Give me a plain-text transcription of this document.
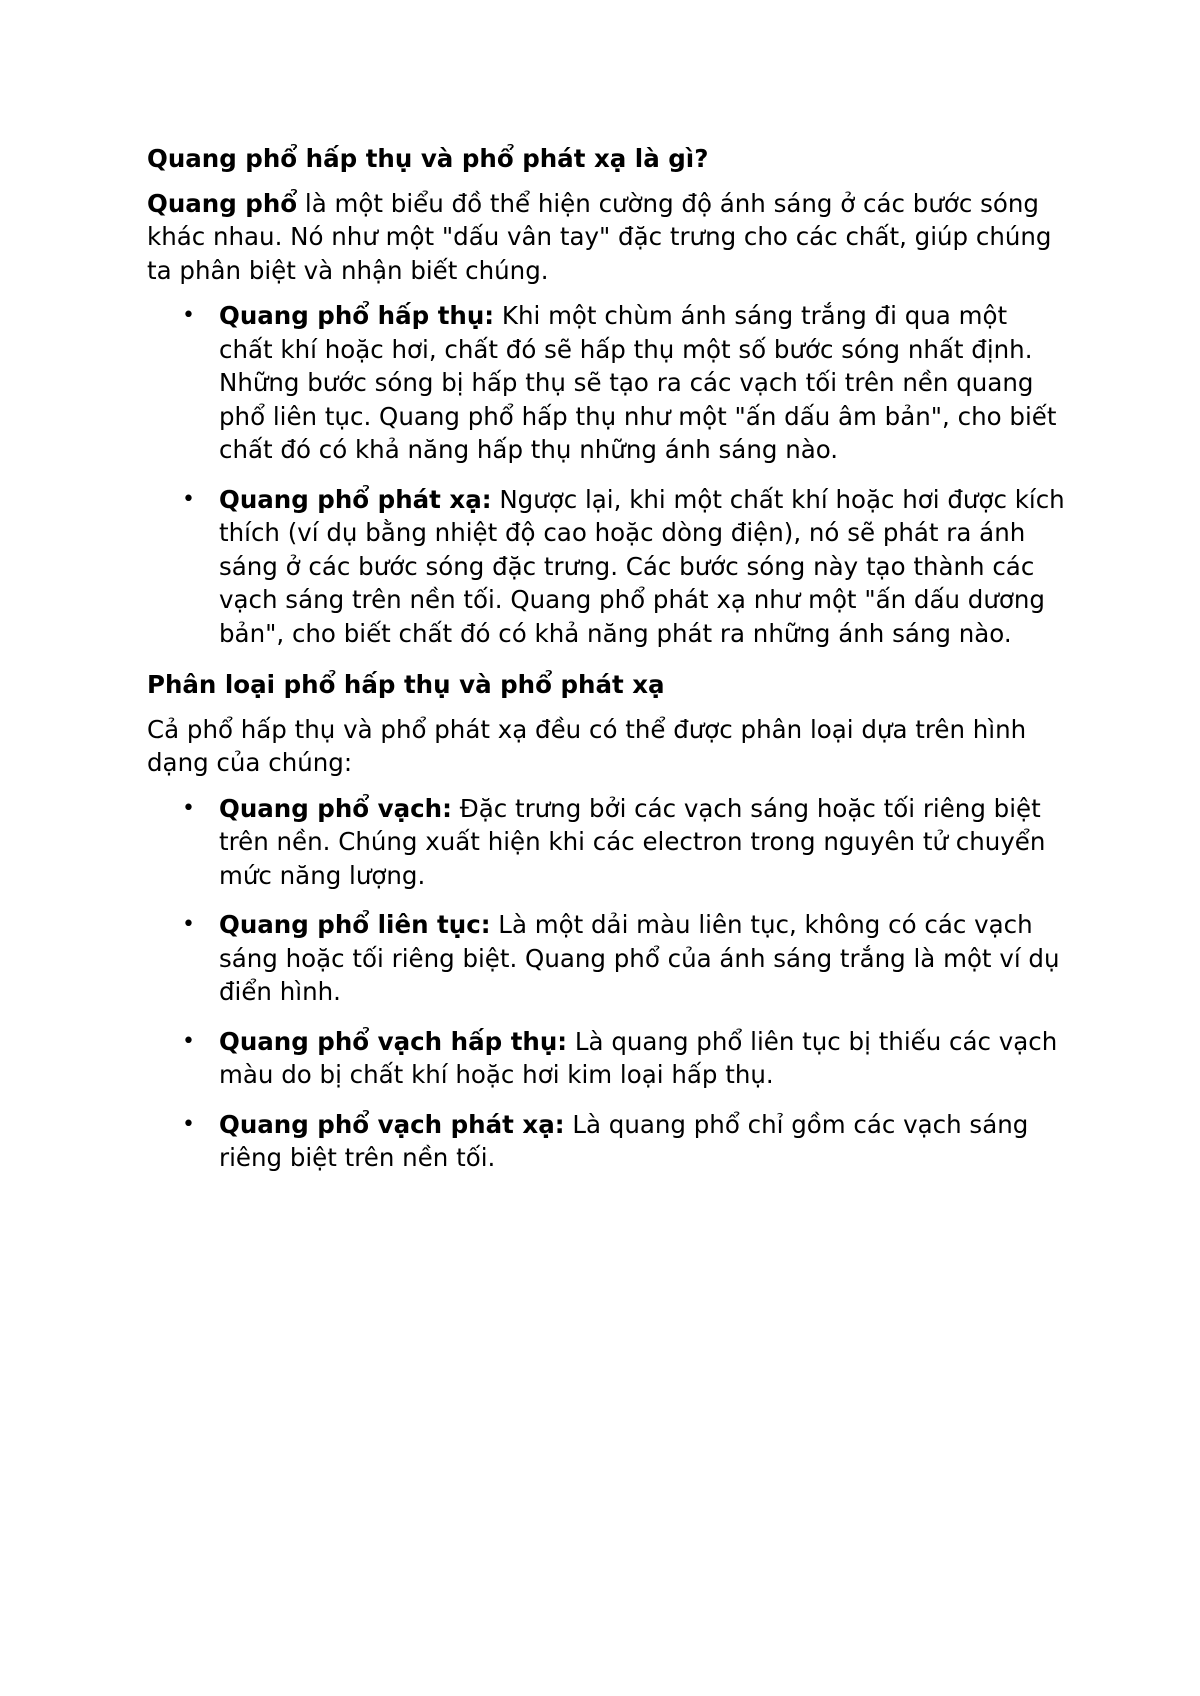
Quang phổ hấp thụ và phổ phát xạ là gì?

Quang phổ là một biểu đồ thể hiện cường độ ánh sáng ở các bước sóng khác nhau. Nó như một "dấu vân tay" đặc trưng cho các chất, giúp chúng ta phân biệt và nhận biết chúng.

• Quang phổ hấp thụ: Khi một chùm ánh sáng trắng đi qua một chất khí hoặc hơi, chất đó sẽ hấp thụ một số bước sóng nhất định. Những bước sóng bị hấp thụ sẽ tạo ra các vạch tối trên nền quang phổ liên tục. Quang phổ hấp thụ như một "ấn dấu âm bản", cho biết chất đó có khả năng hấp thụ những ánh sáng nào.
• Quang phổ phát xạ: Ngược lại, khi một chất khí hoặc hơi được kích thích (ví dụ bằng nhiệt độ cao hoặc dòng điện), nó sẽ phát ra ánh sáng ở các bước sóng đặc trưng. Các bước sóng này tạo thành các vạch sáng trên nền tối. Quang phổ phát xạ như một "ấn dấu dương bản", cho biết chất đó có khả năng phát ra những ánh sáng nào.

Phân loại phổ hấp thụ và phổ phát xạ

Cả phổ hấp thụ và phổ phát xạ đều có thể được phân loại dựa trên hình dạng của chúng:

• Quang phổ vạch: Đặc trưng bởi các vạch sáng hoặc tối riêng biệt trên nền. Chúng xuất hiện khi các electron trong nguyên tử chuyển mức năng lượng.
• Quang phổ liên tục: Là một dải màu liên tục, không có các vạch sáng hoặc tối riêng biệt. Quang phổ của ánh sáng trắng là một ví dụ điển hình.
• Quang phổ vạch hấp thụ: Là quang phổ liên tục bị thiếu các vạch màu do bị chất khí hoặc hơi kim loại hấp thụ.
• Quang phổ vạch phát xạ: Là quang phổ chỉ gồm các vạch sáng riêng biệt trên nền tối.
